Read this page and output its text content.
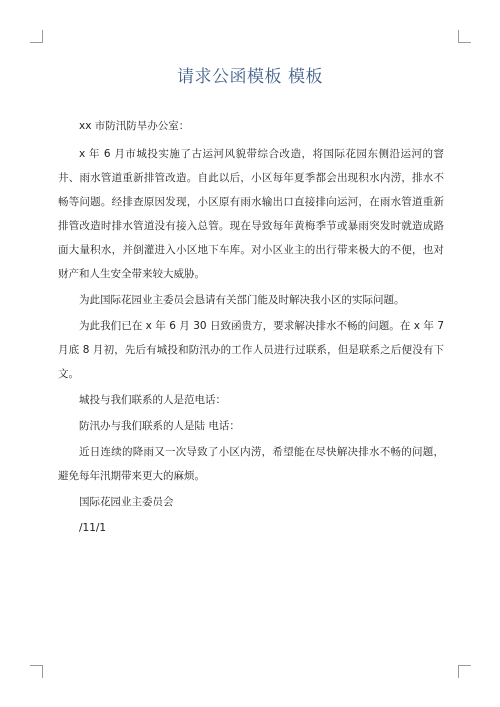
请求公函模板 模板

xx 市防汛防旱办公室：

x 年 6 月市城投实施了古运河风貌带综合改造，将国际花园东侧沿运河的窨井、雨水管道重新排管改造。自此以后，小区每年夏季都会出现积水内涝，排水不畅等问题。经排查原因发现，小区原有雨水输出口直接排向运河，在雨水管道重新排管改造时排水管道没有接入总管。现在导致每年黄梅季节或暴雨突发时就造成路面大量积水，并倒灌进入小区地下车库。对小区业主的出行带来极大的不便，也对财产和人生安全带来较大威胁。

为此国际花园业主委员会恳请有关部门能及时解决我小区的实际问题。

为此我们已在 x 年 6 月 30 日致函贵方，要求解决排水不畅的问题。在 x 年 7 月底 8 月初，先后有城投和防汛办的工作人员进行过联系，但是联系之后便没有下文。

城投与我们联系的人是范电话：

防汛办与我们联系的人是陆 电话：

近日连续的降雨又一次导致了小区内涝，希望能在尽快解决排水不畅的问题，避免每年汛期带来更大的麻烦。

国际花园业主委员会

/11/1
